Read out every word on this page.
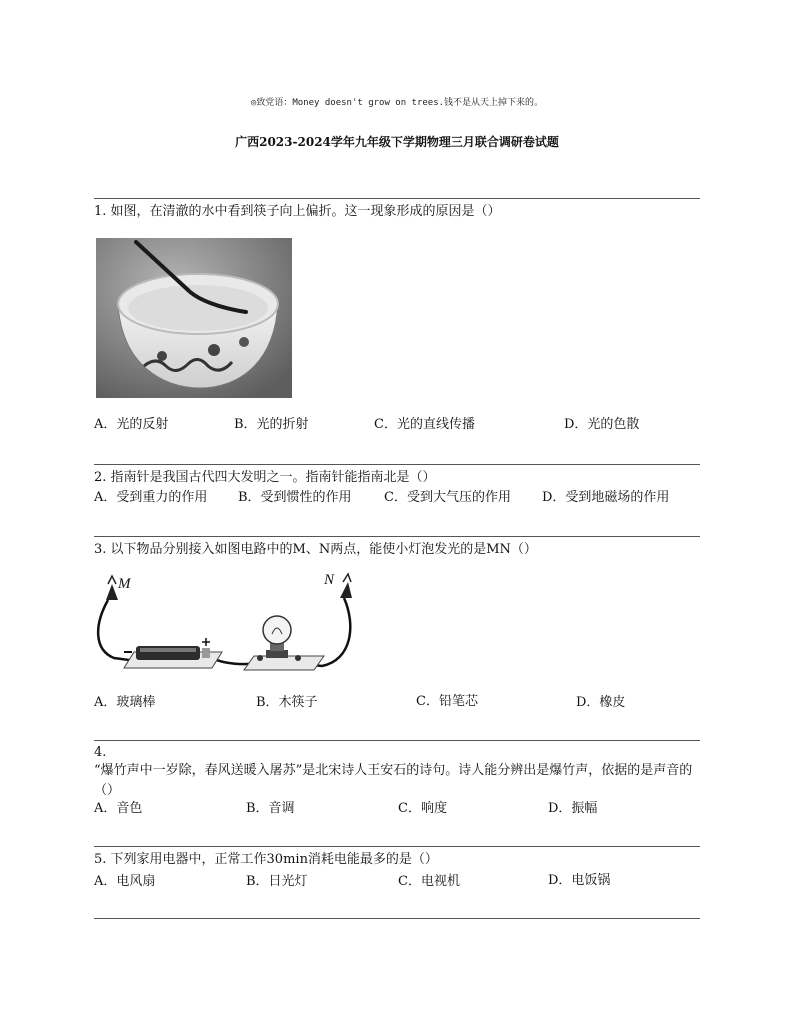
◎致党语：Money doesn't grow on trees.钱不是从天上掉下来的。
广西2023-2024学年九年级下学期物理三月联合调研卷试题
1. 如图，在清澈的水中看到筷子向上偏折。这一现象形成的原因是（）
A．光的反射	B．光的折射	C．光的直线传播	D．光的色散
2. 指南针是我国古代四大发明之一。指南针能指南北是（）
A．受到重力的作用 B．受到惯性的作用 C．受到大气压的作用 D．受到地磁场的作用
3. 以下物品分别接入如图电路中的M、N两点，能使小灯泡发光的是MN（）
M	N
A．玻璃棒	B．木筷子	C．铅笔芯	D．橡皮
4.
“爆竹声中一岁除，春风送暖入屠苏”是北宋诗人王安石的诗句。诗人能分辨出是爆竹声，依据的是声音的（）
A．音色	B．音调	C．响度	D．振幅
5. 下列家用电器中，正常工作30min消耗电能最多的是（）
A．电风扇	B．日光灯	C．电视机	D．电饭锅
